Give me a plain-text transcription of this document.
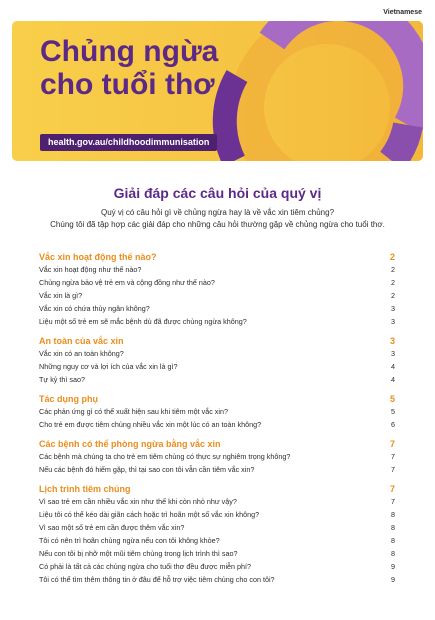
Vietnamese
Chủng ngừa
cho tuổi thơ
health.gov.au/childhoodimmunisation
Giải đáp các câu hỏi của quý vị

Quý vị có câu hỏi gì về chủng ngừa hay là về vắc xin tiêm chủng?

Chúng tôi đã tập hợp các giải đáp cho những câu hỏi thường gặp về chủng ngừa cho tuổi thơ.

Vắc xin hoạt động thế nào?	2
Vắc xin hoạt động như thế nào?	2
Chủng ngừa bảo vệ trẻ em và cộng đồng như thế nào?	2
Vắc xin là gì?	2
Vắc xin có chứa thủy ngân không?	3
Liệu một số trẻ em sẽ mắc bệnh dù đã được chủng ngừa không?	3
An toàn của vắc xin	3
Vắc xin có an toàn không?	3
Những nguy cơ và lợi ích của vắc xin là gì?	4
Tự kỷ thì sao?	4
Tác dụng phụ	5
Các phản ứng gì có thể xuất hiện sau khi tiêm một vắc xin?	5
Cho trẻ em được tiêm chủng nhiều vắc xin một lúc có an toàn không?	6
Các bệnh có thể phòng ngừa bằng vắc xin	7
Các bệnh mà chúng ta cho trẻ em tiêm chủng có thực sự nghiêm trọng không?	7
Nếu các bệnh đó hiếm gặp, thì tại sao con tôi vẫn cần tiêm vắc xin?	7
Lịch trình tiêm chủng	7
Vì sao trẻ em cần nhiều vắc xin như thế khi còn nhỏ như vậy?	7
Liệu tôi có thể kéo dài giãn cách hoặc trì hoãn một số vắc xin không?	8
Vì sao một số trẻ em cần được thêm vắc xin?	8
Tôi có nên trì hoãn chủng ngừa nếu con tôi không khỏe?	8
Nếu con tôi bị nhỡ một mũi tiêm chủng trong lịch trình thì sao?	8
Có phải là tất cả các chủng ngừa cho tuổi thơ đều được miễn phí?	9
Tôi có thể tìm thêm thông tin ở đâu để hỗ trợ việc tiêm chủng cho con tôi?	9
